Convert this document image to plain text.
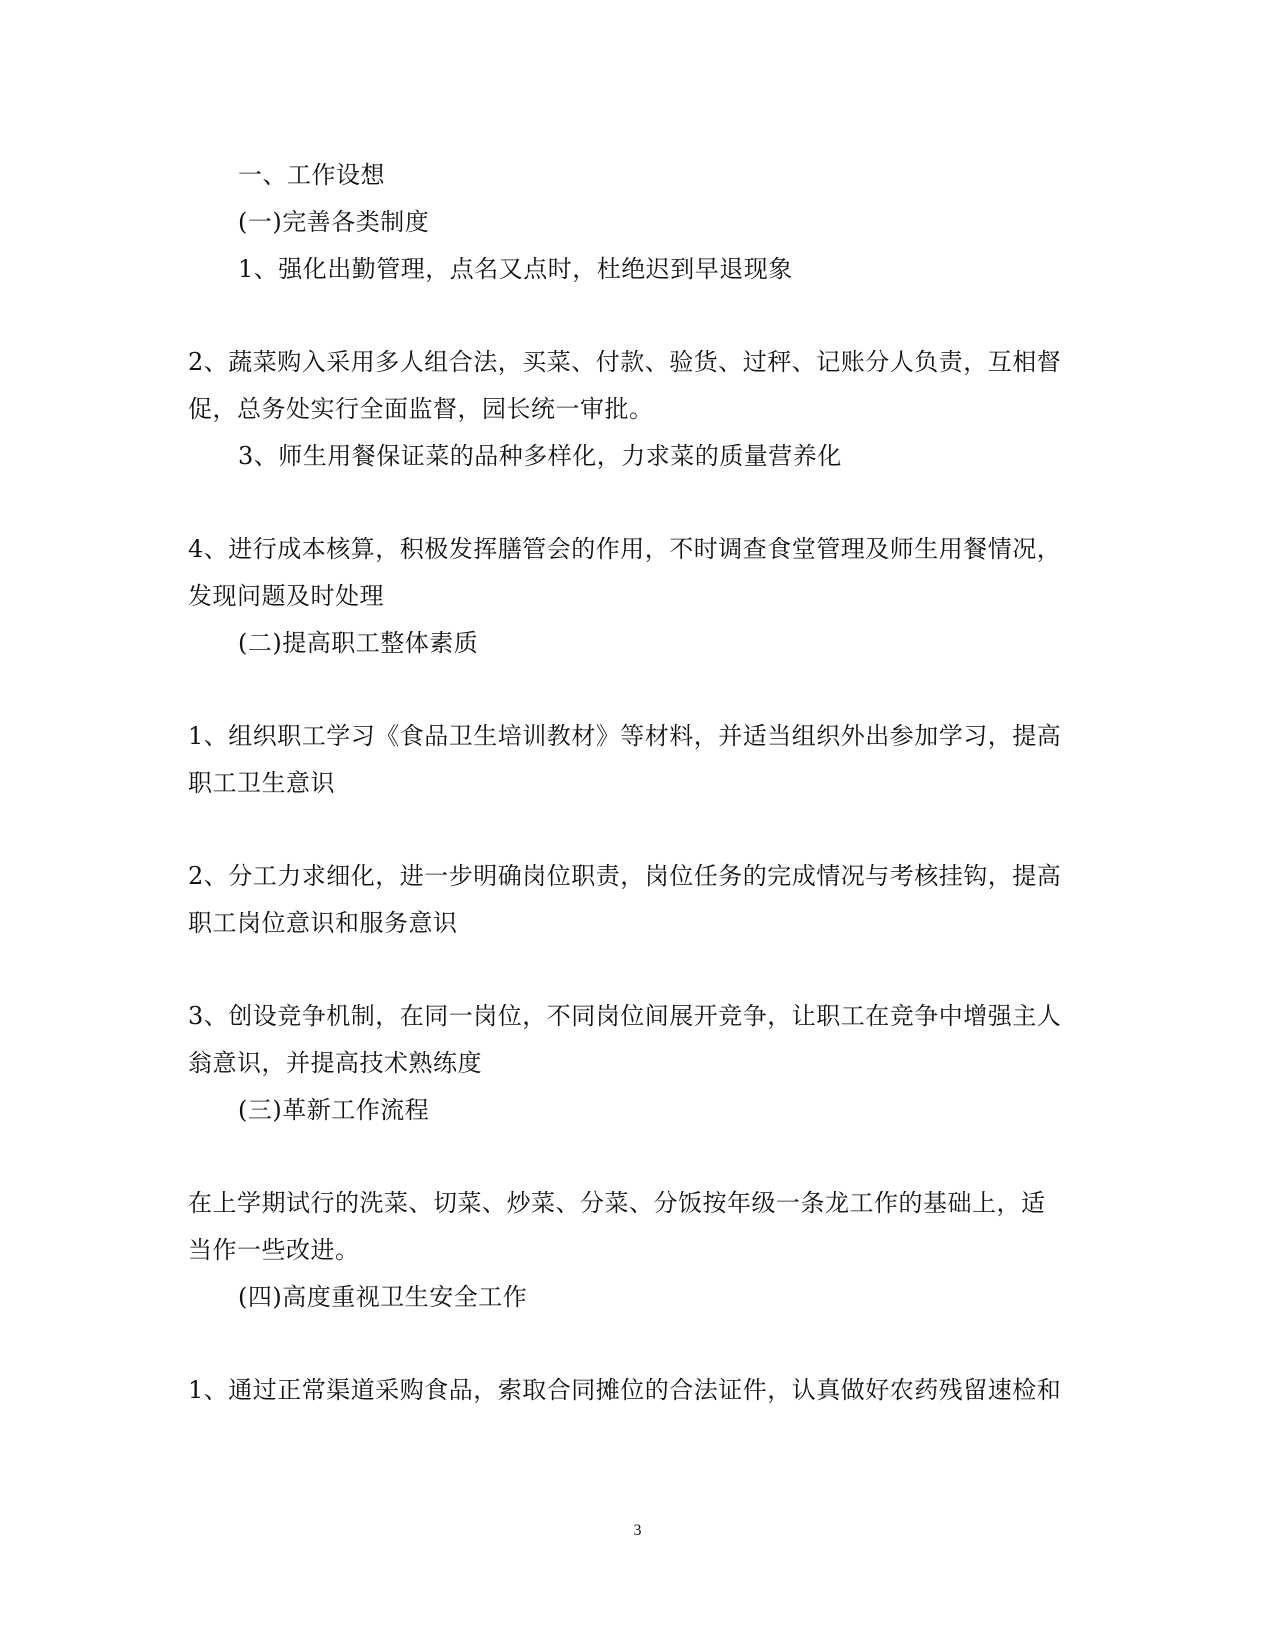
一、工作设想
(一)完善各类制度
1、强化出勤管理，点名又点时，杜绝迟到早退现象
2、蔬菜购入采用多人组合法，买菜、付款、验货、过秤、记账分人负责，互相督
促，总务处实行全面监督，园长统一审批。
3、师生用餐保证菜的品种多样化，力求菜的质量营养化
4、进行成本核算，积极发挥膳管会的作用，不时调查食堂管理及师生用餐情况，
发现问题及时处理
(二)提高职工整体素质
1、组织职工学习《食品卫生培训教材》等材料，并适当组织外出参加学习，提高
职工卫生意识
2、分工力求细化，进一步明确岗位职责，岗位任务的完成情况与考核挂钩，提高
职工岗位意识和服务意识
3、创设竞争机制，在同一岗位，不同岗位间展开竞争，让职工在竞争中增强主人
翁意识，并提高技术熟练度
(三)革新工作流程
在上学期试行的洗菜、切菜、炒菜、分菜、分饭按年级一条龙工作的基础上，适
当作一些改进。
(四)高度重视卫生安全工作
1、通过正常渠道采购食品，索取合同摊位的合法证件，认真做好农药残留速检和
3
